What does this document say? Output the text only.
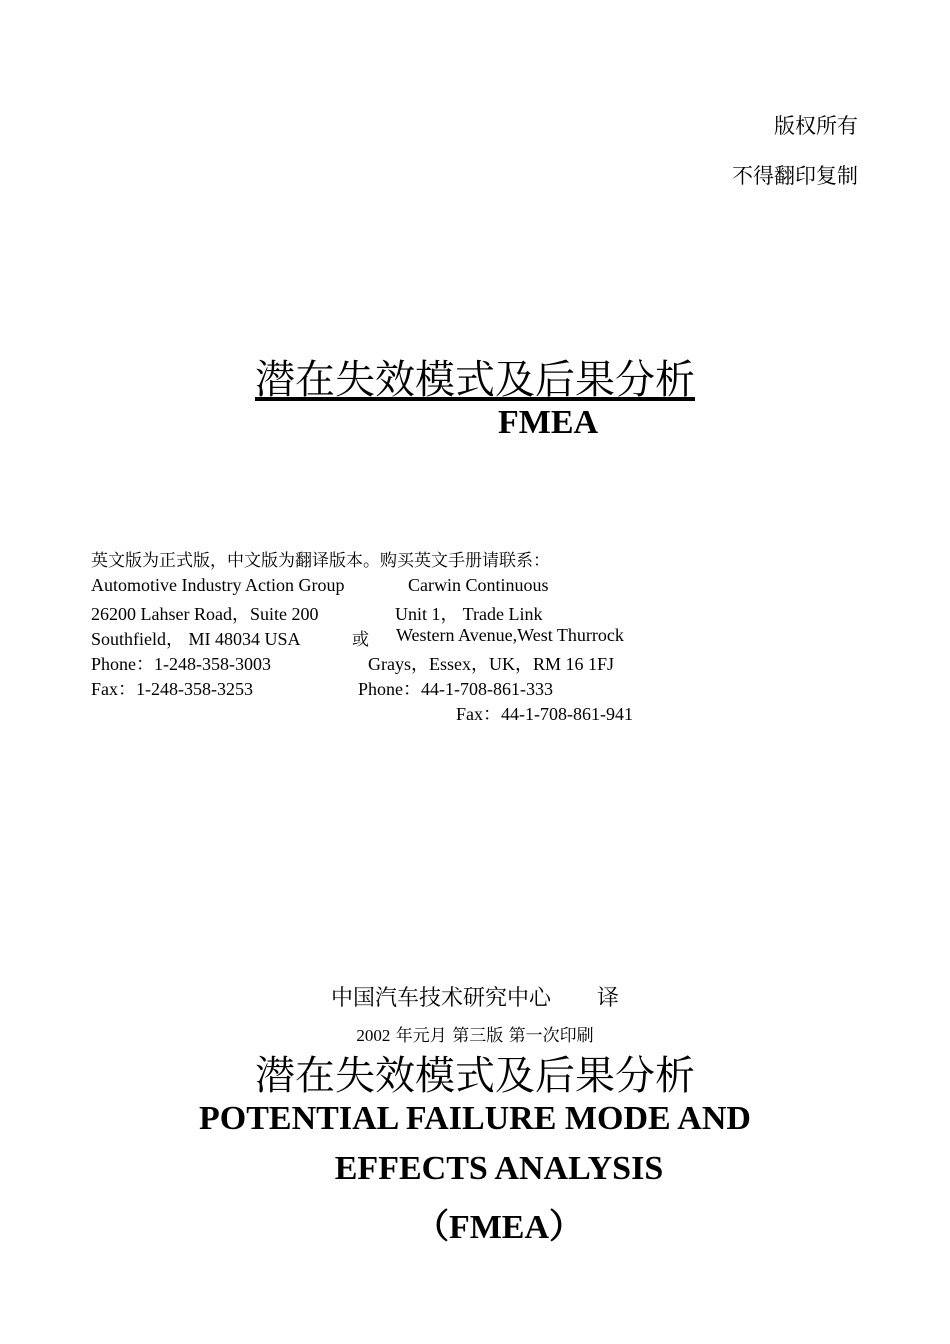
版权所有
不得翻印复制
潜在失效模式及后果分析
FMEA
英文版为正式版，中文版为翻译版本。购买英文手册请联系：
Automotive Industry Action Group
26200 Lahser Road，Suite 200
Southfield， MI 48034 USA
Phone：1-248-358-3003
Fax：1-248-358-3253
或
Carwin Continuous
Unit 1， Trade Link
Western Avenue,West Thurrock
Grays，Essex，UK，RM 16 1FJ
Phone：44-1-708-861-333
Fax：44-1-708-861-941
中国汽车技术研究中心 译
2002 年元月 第三版 第一次印刷
潜在失效模式及后果分析
POTENTIAL FAILURE MODE AND
EFFECTS ANALYSIS
（FMEA）
